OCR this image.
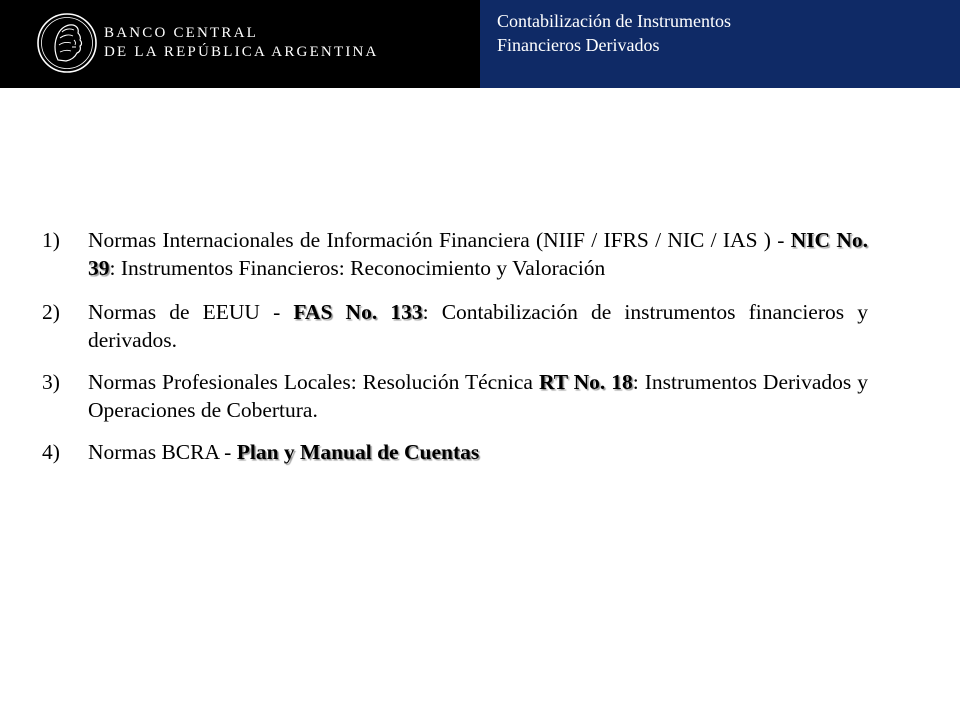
BANCO CENTRAL
DE LA REPÚBLICA ARGENTINA
Contabilización de Instrumentos
Financieros Derivados
1) Normas Internacionales de Información Financiera (NIIF / IFRS / NIC / IAS ) - NIC No. 39: Instrumentos Financieros: Reconocimiento y Valoración
2) Normas de EEUU - FAS No. 133: Contabilización de instrumentos financieros y derivados.
3) Normas Profesionales Locales: Resolución Técnica RT No. 18: Instrumentos Derivados y Operaciones de Cobertura.
4) Normas BCRA - Plan y Manual de Cuentas
